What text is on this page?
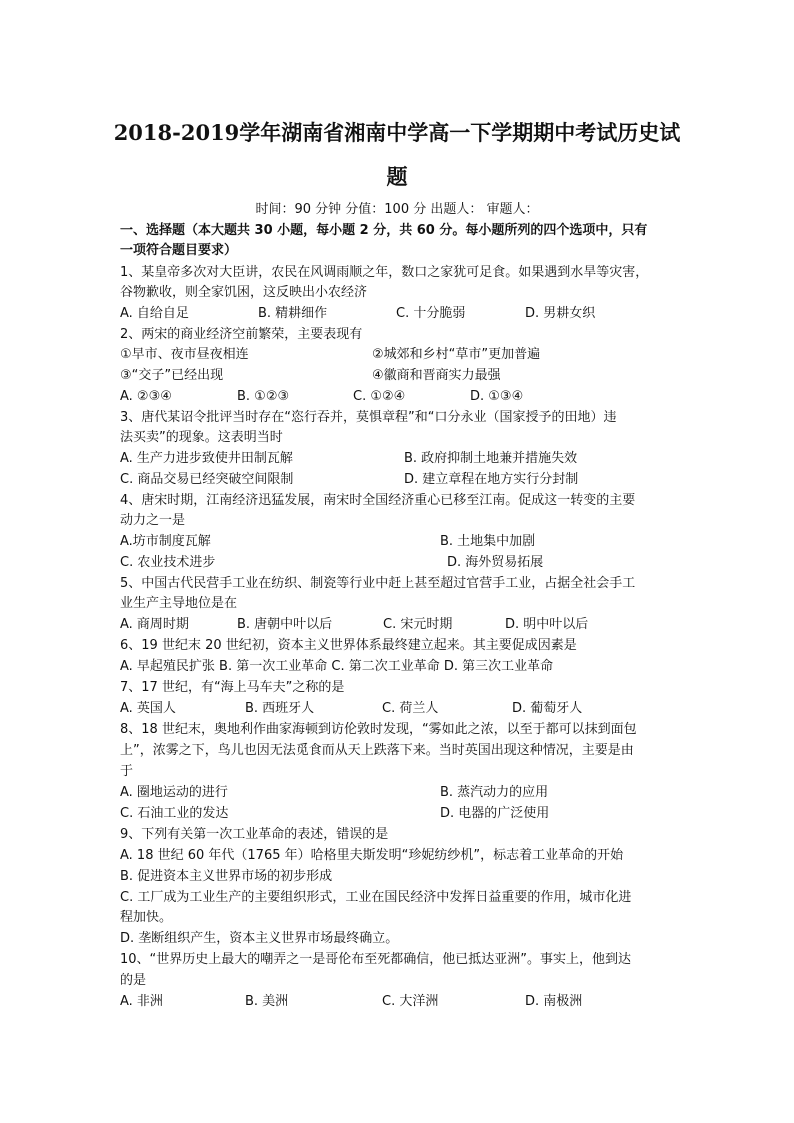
2018-2019学年湖南省湘南中学高一下学期期中考试历史试
题
时间：90 分钟 分值：100 分 出题人： 审题人：
一、选择题（本大题共 30 小题，每小题 2 分，共 60 分。每小题所列的四个选项中，只有
一项符合题目要求）
1、某皇帝多次对大臣讲，农民在风调雨顺之年，数口之家犹可足食。如果遇到水旱等灾害，
谷物歉收，则全家饥困，这反映出小农经济
A. 自给自足	B. 精耕细作	C. 十分脆弱	D. 男耕女织
2、两宋的商业经济空前繁荣，主要表现有
①早市、夜市昼夜相连	②城郊和乡村“草市”更加普遍
③“交子”已经出现	④徽商和晋商实力最强
A. ②③④	B. ①②③	C. ①②④	D. ①③④
3、唐代某诏令批评当时存在“恣行吞并，莫惧章程”和“口分永业（国家授予的田地）违
法买卖”的现象。这表明当时
A. 生产力进步致使井田制瓦解	B. 政府抑制土地兼并措施失效
C. 商品交易已经突破空间限制	D. 建立章程在地方实行分封制
4、唐宋时期，江南经济迅猛发展，南宋时全国经济重心已移至江南。促成这一转变的主要
动力之一是
A.坊市制度瓦解	B. 土地集中加剧
C. 农业技术进步	D. 海外贸易拓展
5、中国古代民营手工业在纺织、制瓷等行业中赶上甚至超过官营手工业，占据全社会手工
业生产主导地位是在
A. 商周时期	B. 唐朝中叶以后	C. 宋元时期	D. 明中叶以后
6、19 世纪末 20 世纪初，资本主义世界体系最终建立起来。其主要促成因素是
A. 早起殖民扩张 B. 第一次工业革命 C. 第二次工业革命 D. 第三次工业革命
7、17 世纪，有“海上马车夫”之称的是
A. 英国人	B. 西班牙人	C. 荷兰人	D. 葡萄牙人
8、18 世纪末，奥地利作曲家海顿到访伦敦时发现，“雾如此之浓，以至于都可以抹到面包
上”，浓雾之下，鸟儿也因无法觅食而从天上跌落下来。当时英国出现这种情况，主要是由
于
A. 圈地运动的进行	B. 蒸汽动力的应用
C. 石油工业的发达	D. 电器的广泛使用
9、下列有关第一次工业革命的表述，错误的是
A. 18 世纪 60 年代（1765 年）哈格里夫斯发明“珍妮纺纱机”，标志着工业革命的开始
B. 促进资本主义世界市场的初步形成
C. 工厂成为工业生产的主要组织形式，工业在国民经济中发挥日益重要的作用，城市化进
程加快。
D. 垄断组织产生，资本主义世界市场最终确立。
10、“世界历史上最大的嘲弄之一是哥伦布至死都确信，他已抵达亚洲”。事实上，他到达
的是
A. 非洲	B. 美洲	C. 大洋洲	D. 南极洲
